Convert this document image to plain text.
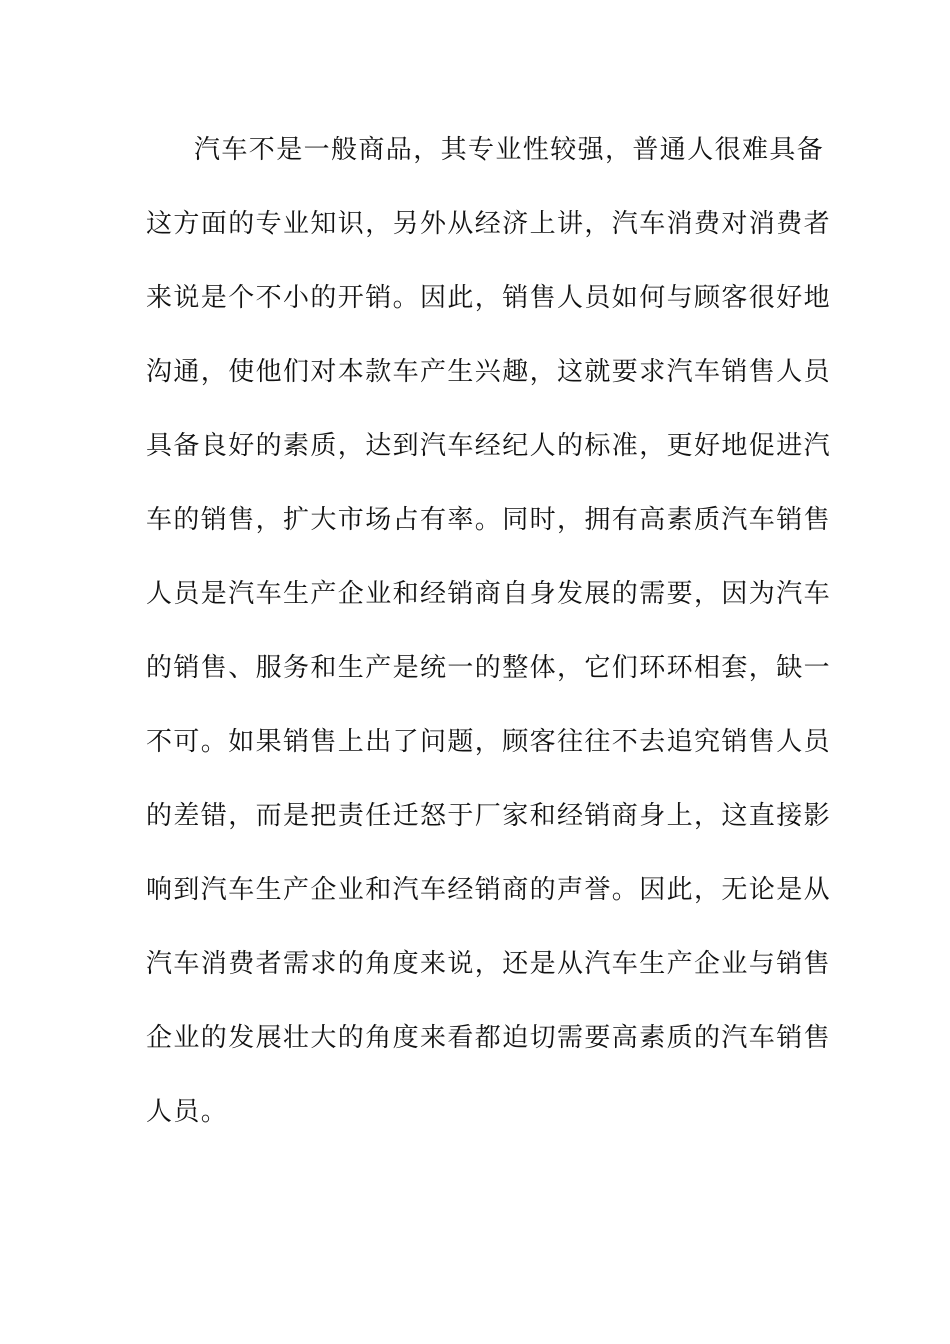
汽车不是一般商品，其专业性较强，普通人很难具备
这方面的专业知识，另外从经济上讲，汽车消费对消费者
来说是个不小的开销。因此，销售人员如何与顾客很好地
沟通，使他们对本款车产生兴趣，这就要求汽车销售人员
具备良好的素质，达到汽车经纪人的标准，更好地促进汽
车的销售，扩大市场占有率。同时，拥有高素质汽车销售
人员是汽车生产企业和经销商自身发展的需要，因为汽车
的销售、服务和生产是统一的整体，它们环环相套，缺一
不可。如果销售上出了问题，顾客往往不去追究销售人员
的差错，而是把责任迁怒于厂家和经销商身上，这直接影
响到汽车生产企业和汽车经销商的声誉。因此，无论是从
汽车消费者需求的角度来说，还是从汽车生产企业与销售
企业的发展壮大的角度来看都迫切需要高素质的汽车销售
人员。
